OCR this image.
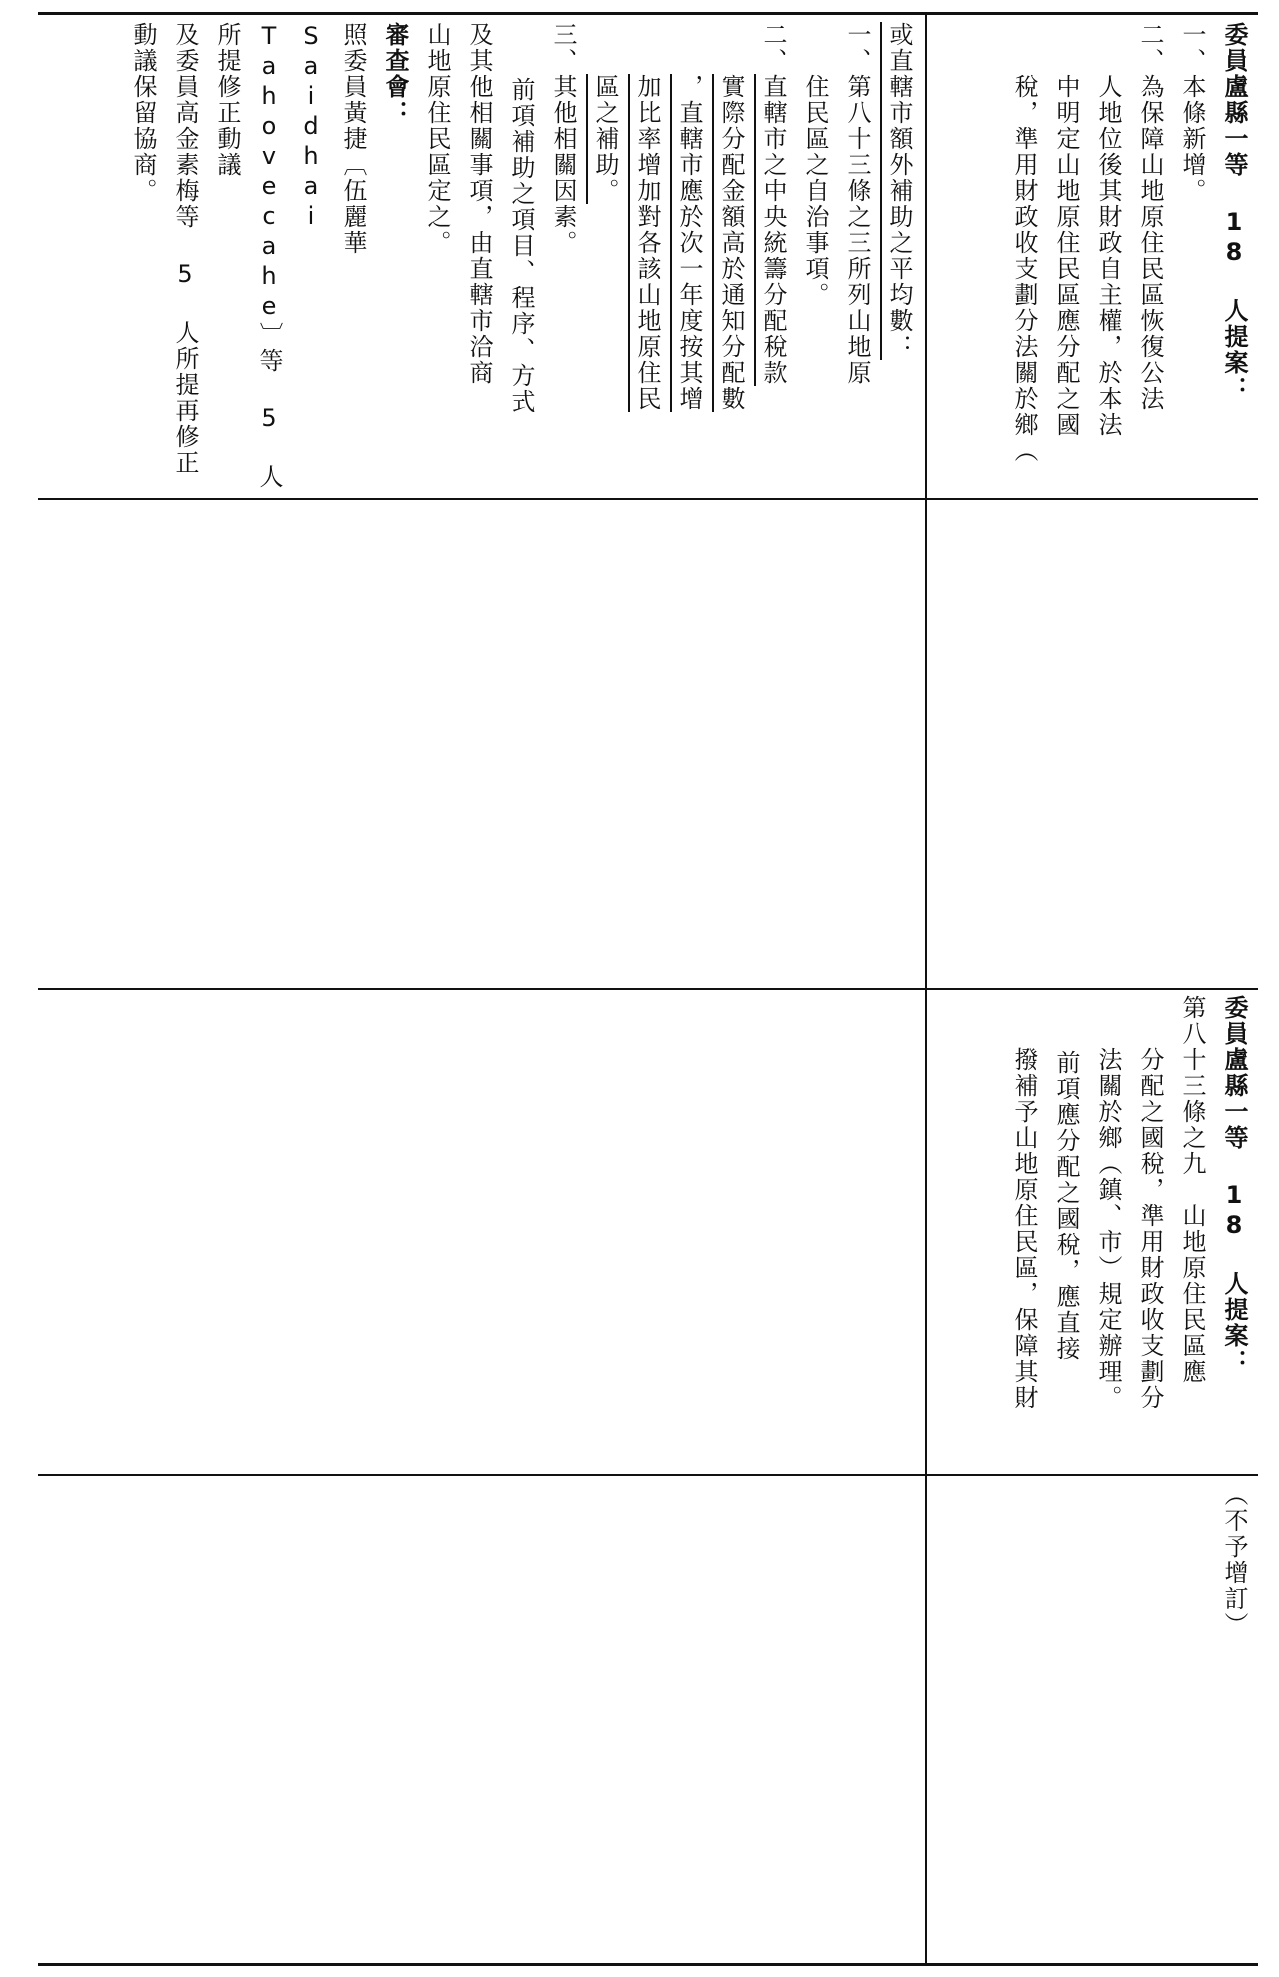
或直轄市額外補助之平均數：

一、第八十三條之三所列山地原

住民區之自治事項。

二、直轄市之中央統籌分配稅款

實際分配金額高於通知分配數

，直轄市應於次一年度按其增

加比率增加對各該山地原住民

區之補助。

三、其他相關因素。

前項補助之項目、程序、方式

及其他相關事項，由直轄市洽商

山地原住民區定之。

審查會：

照委員黃捷〔伍麗華 Saidhai

Tahovecahe〕等 5 人所提修正動議

及委員高金素梅等 5 人所提再修正

動議保留協商。	委員盧縣一等 18 人提案：

一、本條新增。

二、為保障山地原住民區恢復公法

人地位後其財政自主權，於本法

中明定山地原住民區應分配之國

稅，準用財政收支劃分法關於鄉（

委員盧縣一等 18 人提案：

第八十三條之九　山地原住民區應

分配之國稅，準用財政收支劃分

法關於鄉（鎮、市）規定辦理。

前項應分配之國稅，應直接

撥補予山地原住民區，保障其財

（不予增訂）
